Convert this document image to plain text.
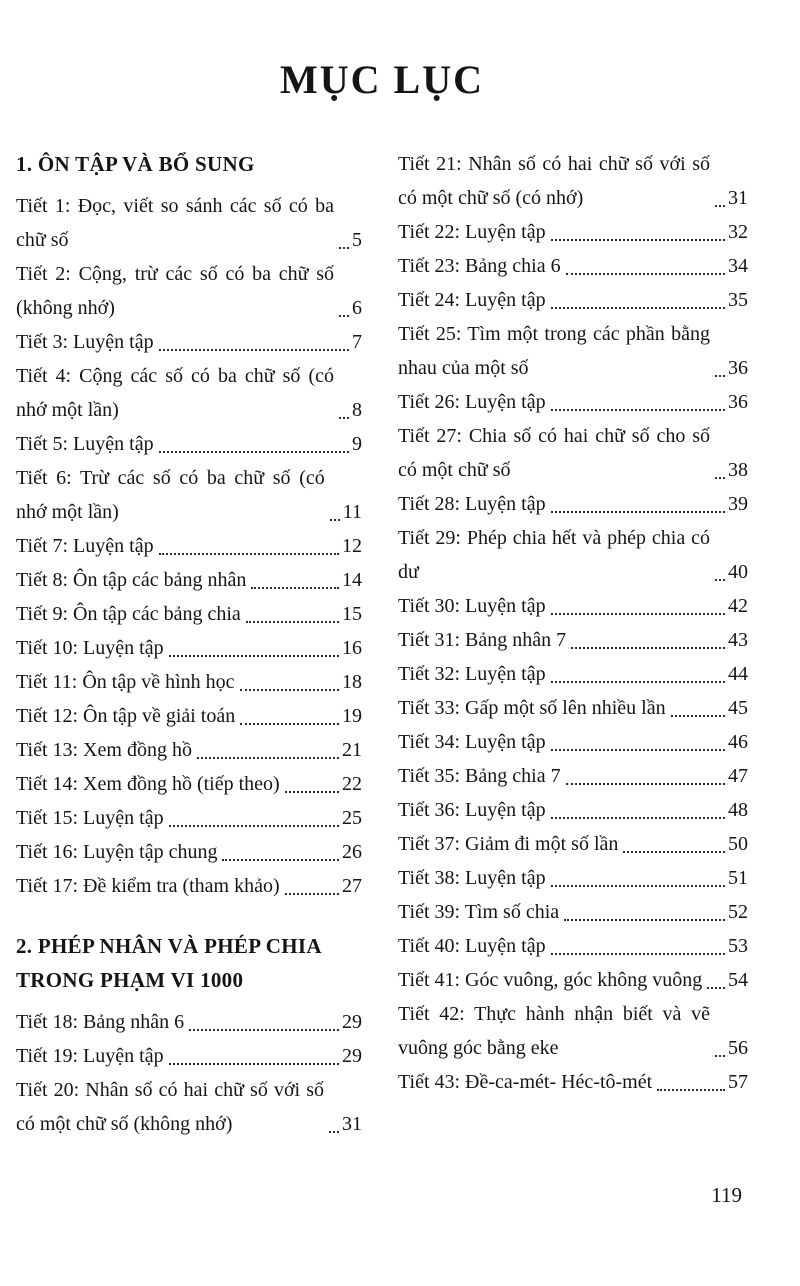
MỤC LỤC
1. ÔN TẬP VÀ BỔ SUNG
Tiết 1: Đọc, viết so sánh các số có ba chữ số	5
Tiết 2: Cộng, trừ các số có ba chữ số (không nhớ)	6
Tiết 3: Luyện tập	7
Tiết 4: Cộng các số có ba chữ số (có nhớ một lần)	8
Tiết 5: Luyện tập	9
Tiết 6: Trừ các số có ba chữ số (có nhớ một lần)	11
Tiết 7: Luyện tập	12
Tiết 8: Ôn tập các bảng nhân	14
Tiết 9: Ôn tập các bảng chia	15
Tiết 10: Luyện tập	16
Tiết 11: Ôn tập về hình học	18
Tiết 12: Ôn tập về giải toán	19
Tiết 13: Xem đồng hồ	21
Tiết 14: Xem đồng hồ (tiếp theo)	22
Tiết 15: Luyện tập	25
Tiết 16: Luyện tập chung	26
Tiết 17: Đề kiểm tra (tham khảo)	27
2. PHÉP NHÂN VÀ PHÉP CHIA TRONG PHẠM VI 1000
Tiết 18: Bảng nhân 6	29
Tiết 19: Luyện tập	29
Tiết 20: Nhân số có hai chữ số với số có một chữ số (không nhớ)	31
Tiết 21: Nhân số có hai chữ số với số có một chữ số (có nhớ)	31
Tiết 22: Luyện tập	32
Tiết 23: Bảng chia 6	34
Tiết 24: Luyện tập	35
Tiết 25: Tìm một trong các phần bằng nhau của một số	36
Tiết 26: Luyện tập	36
Tiết 27: Chia số có hai chữ số cho số có một chữ số	38
Tiết 28: Luyện tập	39
Tiết 29: Phép chia hết và phép chia có dư	40
Tiết 30: Luyện tập	42
Tiết 31: Bảng nhân 7	43
Tiết 32: Luyện tập	44
Tiết 33: Gấp một số lên nhiều lần	45
Tiết 34: Luyện tập	46
Tiết 35: Bảng chia 7	47
Tiết 36: Luyện tập	48
Tiết 37: Giảm đi một số lần	50
Tiết 38: Luyện tập	51
Tiết 39: Tìm số chia	52
Tiết 40: Luyện tập	53
Tiết 41: Góc vuông, góc không vuông 54
Tiết 42: Thực hành nhận biết và vẽ vuông góc bằng eke	56
Tiết 43: Đề-ca-mét- Héc-tô-mét	57
119
